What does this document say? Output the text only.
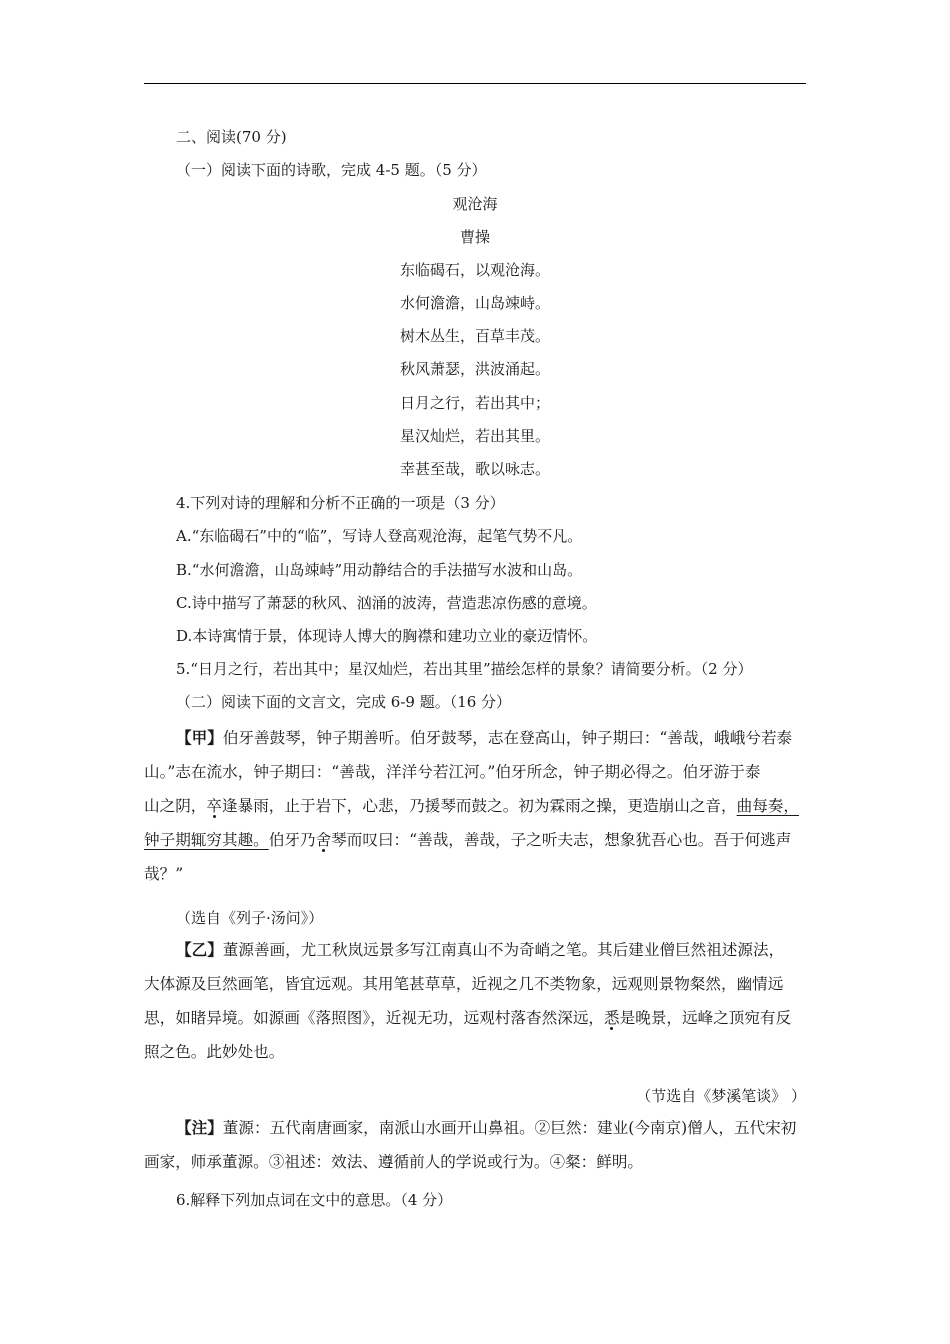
二、阅读(70 分)
（一）阅读下面的诗歌，完成 4-5 题。（5 分）
观沧海
曹操
东临碣石，以观沧海。
水何澹澹，山岛竦峙。
树木丛生，百草丰茂。
秋风萧瑟，洪波涌起。
日月之行，若出其中；
星汉灿烂，若出其里。
幸甚至哉，歌以咏志。
4.下列对诗的理解和分析不正确的一项是（3 分）
A.“东临碣石”中的“临”，写诗人登高观沧海，起笔气势不凡。
B.“水何澹澹，山岛竦峙”用动静结合的手法描写水波和山岛。
C.诗中描写了萧瑟的秋风、汹涌的波涛，营造悲凉伤感的意境。
D.本诗寓情于景，体现诗人博大的胸襟和建功立业的豪迈情怀。
5.“日月之行，若出其中；星汉灿烂，若出其里”描绘怎样的景象？请简要分析。（2 分）
（二）阅读下面的文言文，完成 6-9 题。（16 分）
【甲】伯牙善鼓琴，钟子期善听。伯牙鼓琴，志在登高山，钟子期曰：“善哉，峨峨兮若泰
山。”志在流水，钟子期曰：“善哉，洋洋兮若江河。”伯牙所念，钟子期必得之。伯牙游于泰
山之阴，卒逢暴雨，止于岩下，心悲，乃援琴而鼓之。初为霖雨之操，更造崩山之音，曲每奏，
钟子期辄穷其趣。伯牙乃舍琴而叹曰：“善哉，善哉，子之听夫志，想象犹吾心也。吾于何逃声
哉？”
（选自《列子·汤问》）
【乙】董源善画，尤工秋岚远景多写江南真山不为奇峭之笔。其后建业僧巨然祖述源法，
大体源及巨然画笔，皆宜远观。其用笔甚草草，近视之几不类物象，远观则景物粲然，幽情远
思，如睹异境。如源画《落照图》，近视无功，远观村落杳然深远，悉是晚景，远峰之顶宛有反
照之色。此妙处也。
（节选自《梦溪笔谈》 ）
【注】董源：五代南唐画家，南派山水画开山鼻祖。②巨然：建业(今南京)僧人，五代宋初
画家，师承董源。③祖述：效法、遵循前人的学说或行为。④粲：鲜明。
6.解释下列加点词在文中的意思。（4 分）
